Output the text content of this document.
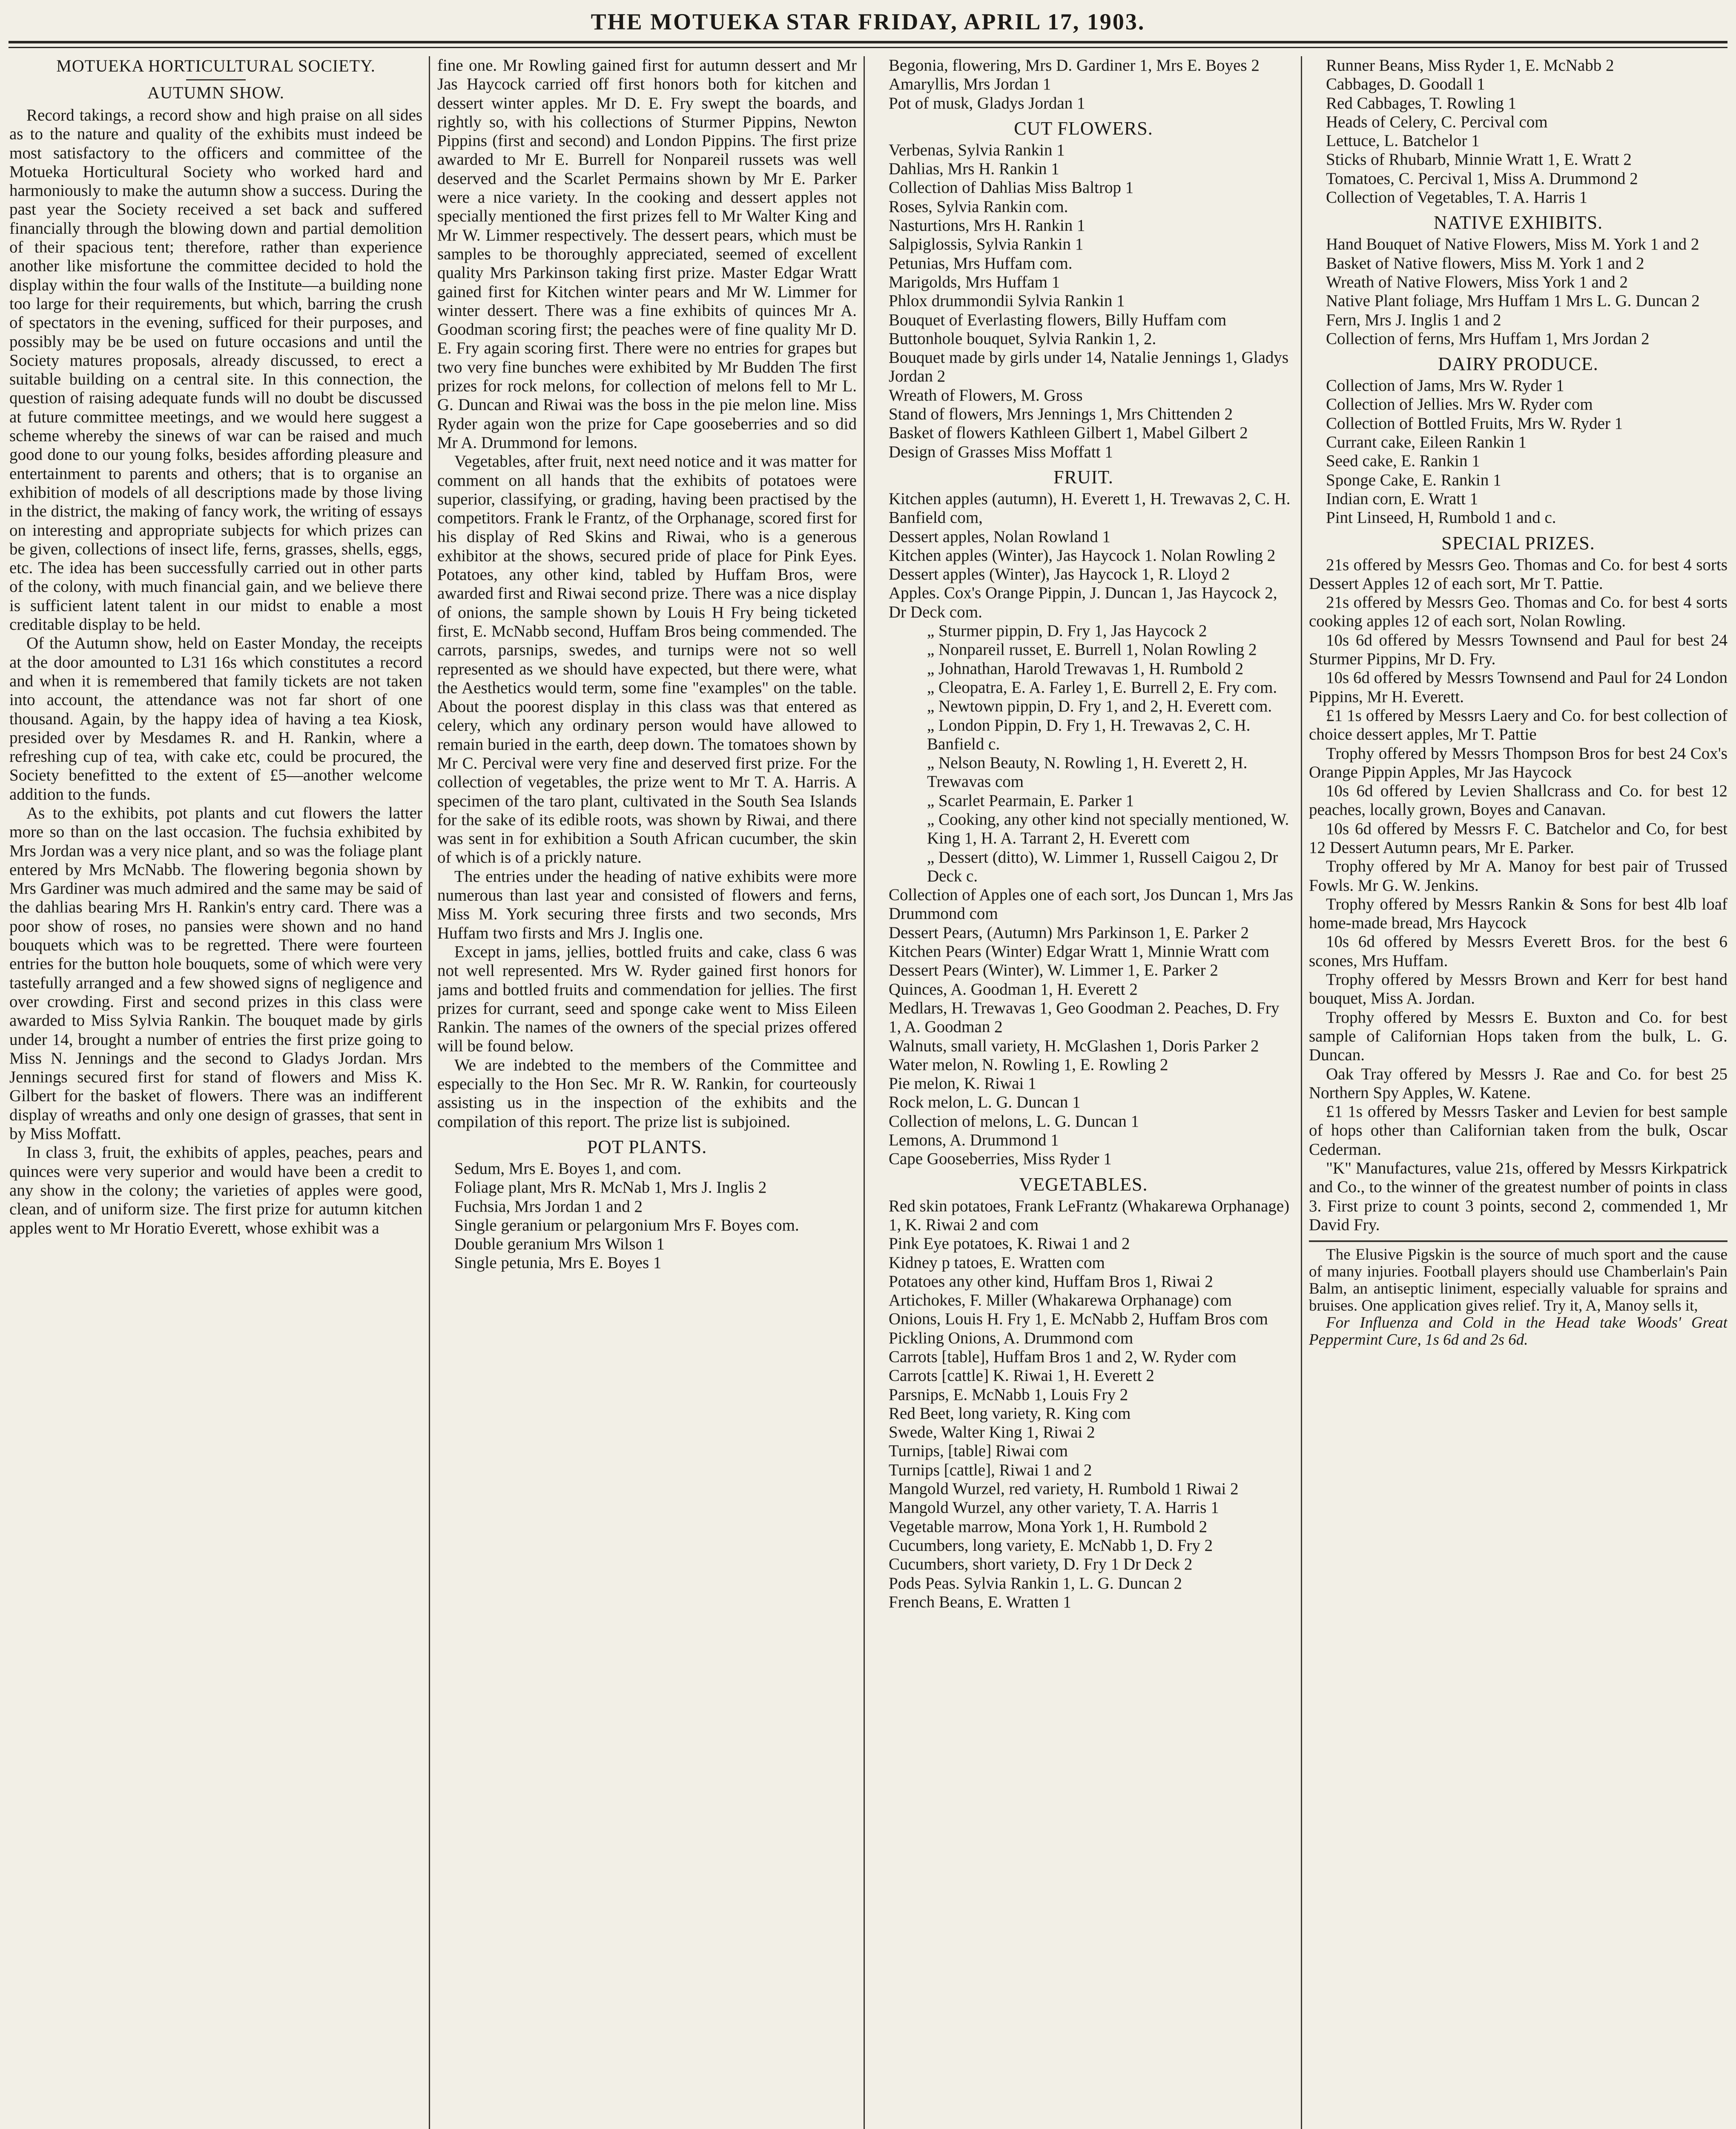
THE MOTUEKA STAR FRIDAY, APRIL 17, 1903.
MOTUEKA HORTICULTURAL SOCIETY.
AUTUMN SHOW.

Record takings, a record show and high praise on all sides as to the nature and quality of the exhibits must indeed be most satisfactory to the officers and committee of the Motueka Horticultural Society who worked hard and harmoniously to make the autumn show a success. During the past year the Society received a set back and suffered financially through the blowing down and partial demolition of their spacious tent; therefore, rather than experience another like misfortune the committee decided to hold the display within the four walls of the Institute—a building none too large for their requirements, but which, barring the crush of spectators in the evening, sufficed for their purposes, and possibly may be be used on future occasions and until the Society matures proposals, already discussed, to erect a suitable building on a central site. In this connection, the question of raising adequate funds will no doubt be discussed at future committee meetings, and we would here suggest a scheme whereby the sinews of war can be raised and much good done to our young folks, besides affording pleasure and entertainment to parents and others; that is to organise an exhibition of models of all descriptions made by those living in the district, the making of fancy work, the writing of essays on interesting and appropriate subjects for which prizes can be given, collections of insect life, ferns, grasses, shells, eggs, etc. The idea has been successfully carried out in other parts of the colony, with much financial gain, and we believe there is sufficient latent talent in our midst to enable a most creditable display to be held.

Of the Autumn show, held on Easter Monday, the receipts at the door amounted to L31 16s which constitutes a record and when it is remembered that family tickets are not taken into account, the attendance was not far short of one thousand. Again, by the happy idea of having a tea Kiosk, presided over by Mesdames R. and H. Rankin, where a refreshing cup of tea, with cake etc, could be procured, the Society benefitted to the extent of £5—another welcome addition to the funds.

As to the exhibits, pot plants and cut flowers the latter more so than on the last occasion. The fuchsia exhibited by Mrs Jordan was a very nice plant, and so was the foliage plant entered by Mrs McNabb. The flowering begonia shown by Mrs Gardiner was much admired and the same may be said of the dahlias bearing Mrs H. Rankin's entry card. There was a poor show of roses, no pansies were shown and no hand bouquets which was to be regretted. There were fourteen entries for the button hole bouquets, some of which were very tastefully arranged and a few showed signs of negligence and over crowding. First and second prizes in this class were awarded to Miss Sylvia Rankin. The bouquet made by girls under 14, brought a number of entries the first prize going to Miss N. Jennings and the second to Gladys Jordan. Mrs Jennings secured first for stand of flowers and Miss K. Gilbert for the basket of flowers. There was an indifferent display of wreaths and only one design of grasses, that sent in by Miss Moffatt.

In class 3, fruit, the exhibits of apples, peaches, pears and quinces were very superior and would have been a credit to any show in the colony; the varieties of apples were good, clean, and of uniform size. The first prize for autumn kitchen apples went to Mr Horatio Everett, whose exhibit was a

fine one. Mr Rowling gained first for autumn dessert and Mr Jas Haycock carried off first honors both for kitchen and dessert winter apples. Mr D. E. Fry swept the boards, and rightly so, with his collections of Sturmer Pippins, Newton Pippins (first and second) and London Pippins. The first prize awarded to Mr E. Burrell for Nonpareil russets was well deserved and the Scarlet Permains shown by Mr E. Parker were a nice variety. In the cooking and dessert apples not specially mentioned the first prizes fell to Mr Walter King and Mr W. Limmer respectively. The dessert pears, which must be samples to be thoroughly appreciated, seemed of excellent quality Mrs Parkinson taking first prize. Master Edgar Wratt gained first for Kitchen winter pears and Mr W. Limmer for winter dessert. There was a fine exhibits of quinces Mr A. Goodman scoring first; the peaches were of fine quality Mr D. E. Fry again scoring first. There were no entries for grapes but two very fine bunches were exhibited by Mr Budden The first prizes for rock melons, for collection of melons fell to Mr L. G. Duncan and Riwai was the boss in the pie melon line. Miss Ryder again won the prize for Cape gooseberries and so did Mr A. Drummond for lemons.

Vegetables, after fruit, next need notice and it was matter for comment on all hands that the exhibits of potatoes were superior, classifying, or grading, having been practised by the competitors. Frank le Frantz, of the Orphanage, scored first for his display of Red Skins and Riwai, who is a generous exhibitor at the shows, secured pride of place for Pink Eyes. Potatoes, any other kind, tabled by Huffam Bros, were awarded first and Riwai second prize. There was a nice display of onions, the sample shown by Louis H Fry being ticketed first, E. McNabb second, Huffam Bros being commended. The carrots, parsnips, swedes, and turnips were not so well represented as we should have expected, but there were, what the Aesthetics would term, some fine "examples" on the table. About the poorest display in this class was that entered as celery, which any ordinary person would have allowed to remain buried in the earth, deep down. The tomatoes shown by Mr C. Percival were very fine and deserved first prize. For the collection of vegetables, the prize went to Mr T. A. Harris. A specimen of the taro plant, cultivated in the South Sea Islands for the sake of its edible roots, was shown by Riwai, and there was sent in for exhibition a South African cucumber, the skin of which is of a prickly nature.

The entries under the heading of native exhibits were more numerous than last year and consisted of flowers and ferns, Miss M. York securing three firsts and two seconds, Mrs Huffam two firsts and Mrs J. Inglis one.

Except in jams, jellies, bottled fruits and cake, class 6 was not well represented. Mrs W. Ryder gained first honors for jams and bottled fruits and commendation for jellies. The first prizes for currant, seed and sponge cake went to Miss Eileen Rankin. The names of the owners of the special prizes offered will be found below.

We are indebted to the members of the Committee and especially to the Hon Sec. Mr R. W. Rankin, for courteously assisting us in the inspection of the exhibits and the compilation of this report. The prize list is subjoined.

POT PLANTS.
Sedum, Mrs E. Boyes 1, and com.
Foliage plant, Mrs R. McNab 1, Mrs J. Inglis 2
Fuchsia, Mrs Jordan 1 and 2
Single geranium or pelargonium Mrs F. Boyes com.
Double geranium Mrs Wilson 1
Single petunia, Mrs E. Boyes 1
Begonia, flowering, Mrs D. Gardiner 1, Mrs E. Boyes 2
Amaryllis, Mrs Jordan 1
Pot of musk, Gladys Jordan 1
CUT FLOWERS.
Verbenas, Sylvia Rankin 1
Dahlias, Mrs H. Rankin 1
Collection of Dahlias Miss Baltrop 1
Roses, Sylvia Rankin com.
Nasturtions, Mrs H. Rankin 1
Salpiglossis, Sylvia Rankin 1
Petunias, Mrs Huffam com.
Marigolds, Mrs Huffam 1
Phlox drummondii Sylvia Rankin 1
Bouquet of Everlasting flowers, Billy Huffam com
Buttonhole bouquet, Sylvia Rankin 1, 2.
Bouquet made by girls under 14, Natalie Jennings 1, Gladys Jordan 2
Wreath of Flowers, M. Gross
Stand of flowers, Mrs Jennings 1, Mrs Chittenden 2
Basket of flowers Kathleen Gilbert 1, Mabel Gilbert 2
Design of Grasses Miss Moffatt 1
FRUIT.
Kitchen apples (autumn), H. Everett 1, H. Trewavas 2, C. H. Banfield com,
Dessert apples, Nolan Rowland 1
Kitchen apples (Winter), Jas Haycock 1. Nolan Rowling 2
Dessert apples (Winter), Jas Haycock 1, R. Lloyd 2
Apples. Cox's Orange Pippin, J. Duncan 1, Jas Haycock 2, Dr Deck com.
„ Sturmer pippin, D. Fry 1, Jas Haycock 2
„ Nonpareil russet, E. Burrell 1, Nolan Rowling 2
„ Johnathan, Harold Trewavas 1, H. Rumbold 2
„ Cleopatra, E. A. Farley 1, E. Burrell 2, E. Fry com.
„ Newtown pippin, D. Fry 1, and 2, H. Everett com.
„ London Pippin, D. Fry 1, H. Trewavas 2, C. H. Banfield c.
„ Nelson Beauty, N. Rowling 1, H. Everett 2, H. Trewavas com
„ Scarlet Pearmain, E. Parker 1
„ Cooking, any other kind not specially mentioned, W. King 1, H. A. Tarrant 2, H. Everett com
„ Dessert (ditto), W. Limmer 1, Russell Caigou 2, Dr Deck c.
Collection of Apples one of each sort, Jos Duncan 1, Mrs Jas Drummond com
Dessert Pears, (Autumn) Mrs Parkinson 1, E. Parker 2
Kitchen Pears (Winter) Edgar Wratt 1, Minnie Wratt com
Dessert Pears (Winter), W. Limmer 1, E. Parker 2
Quinces, A. Goodman 1, H. Everett 2
Medlars, H. Trewavas 1, Geo Goodman 2. Peaches, D. Fry 1, A. Goodman 2
Walnuts, small variety, H. McGlashen 1, Doris Parker 2
Water melon, N. Rowling 1, E. Rowling 2
Pie melon, K. Riwai 1
Rock melon, L. G. Duncan 1
Collection of melons, L. G. Duncan 1
Lemons, A. Drummond 1
Cape Gooseberries, Miss Ryder 1
VEGETABLES.
Red skin potatoes, Frank LeFrantz (Whakarewa Orphanage) 1, K. Riwai 2 and com
Pink Eye potatoes, K. Riwai 1 and 2
Kidney p tatoes, E. Wratten com
Potatoes any other kind, Huffam Bros 1, Riwai 2
Artichokes, F. Miller (Whakarewa Orphanage) com
Onions, Louis H. Fry 1, E. McNabb 2, Huffam Bros com
Pickling Onions, A. Drummond com
Carrots [table], Huffam Bros 1 and 2, W. Ryder com
Carrots [cattle] K. Riwai 1, H. Everett 2
Parsnips, E. McNabb 1, Louis Fry 2
Red Beet, long variety, R. King com
Swede, Walter King 1, Riwai 2
Turnips, [table] Riwai com
Turnips [cattle], Riwai 1 and 2
Mangold Wurzel, red variety, H. Rumbold 1 Riwai 2
Mangold Wurzel, any other variety, T. A. Harris 1
Vegetable marrow, Mona York 1, H. Rumbold 2
Cucumbers, long variety, E. McNabb 1, D. Fry 2
Cucumbers, short variety, D. Fry 1 Dr Deck 2
Pods Peas. Sylvia Rankin 1, L. G. Duncan 2
French Beans, E. Wratten 1
Runner Beans, Miss Ryder 1, E. McNabb 2
Cabbages, D. Goodall 1
Red Cabbages, T. Rowling 1
Heads of Celery, C. Percival com
Lettuce, L. Batchelor 1
Sticks of Rhubarb, Minnie Wratt 1, E. Wratt 2
Tomatoes, C. Percival 1, Miss A. Drummond 2
Collection of Vegetables, T. A. Harris 1
NATIVE EXHIBITS.
Hand Bouquet of Native Flowers, Miss M. York 1 and 2
Basket of Native flowers, Miss M. York 1 and 2
Wreath of Native Flowers, Miss York 1 and 2
Native Plant foliage, Mrs Huffam 1 Mrs L. G. Duncan 2
Fern, Mrs J. Inglis 1 and 2
Collection of ferns, Mrs Huffam 1, Mrs Jordan 2
DAIRY PRODUCE.
Collection of Jams, Mrs W. Ryder 1
Collection of Jellies. Mrs W. Ryder com
Collection of Bottled Fruits, Mrs W. Ryder 1
Currant cake, Eileen Rankin 1
Seed cake, E. Rankin 1
Sponge Cake, E. Rankin 1
Indian corn, E. Wratt 1
Pint Linseed, H, Rumbold 1 and c.
SPECIAL PRIZES.

21s offered by Messrs Geo. Thomas and Co. for best 4 sorts Dessert Apples 12 of each sort, Mr T. Pattie.

21s offered by Messrs Geo. Thomas and Co. for best 4 sorts cooking apples 12 of each sort, Nolan Rowling.

10s 6d offered by Messrs Townsend and Paul for best 24 Sturmer Pippins, Mr D. Fry.

10s 6d offered by Messrs Townsend and Paul for 24 London Pippins, Mr H. Everett.

£1 1s offered by Messrs Laery and Co. for best collection of choice dessert apples, Mr T. Pattie

Trophy offered by Messrs Thompson Bros for best 24 Cox's Orange Pippin Apples, Mr Jas Haycock

10s 6d offered by Levien Shallcrass and Co. for best 12 peaches, locally grown, Boyes and Canavan.

10s 6d offered by Messrs F. C. Batchelor and Co, for best 12 Dessert Autumn pears, Mr E. Parker.

Trophy offered by Mr A. Manoy for best pair of Trussed Fowls. Mr G. W. Jenkins.

Trophy offered by Messrs Rankin & Sons for best 4lb loaf home-made bread, Mrs Haycock

10s 6d offered by Messrs Everett Bros. for the best 6 scones, Mrs Huffam.

Trophy offered by Messrs Brown and Kerr for best hand bouquet, Miss A. Jordan.

Trophy offered by Messrs E. Buxton and Co. for best sample of Californian Hops taken from the bulk, L. G. Duncan.

Oak Tray offered by Messrs J. Rae and Co. for best 25 Northern Spy Apples, W. Katene.

£1 1s offered by Messrs Tasker and Levien for best sample of hops other than Californian taken from the bulk, Oscar Cederman.

"K" Manufactures, value 21s, offered by Messrs Kirkpatrick and Co., to the winner of the greatest number of points in class 3. First prize to count 3 points, second 2, commended 1, Mr David Fry.

The Elusive Pigskin is the source of much sport and the cause of many injuries. Football players should use Chamberlain's Pain Balm, an antiseptic liniment, especially valuable for sprains and bruises. One application gives relief. Try it, A, Manoy sells it,

For Influenza and Cold in the Head take Woods' Great Peppermint Cure, 1s 6d and 2s 6d.
